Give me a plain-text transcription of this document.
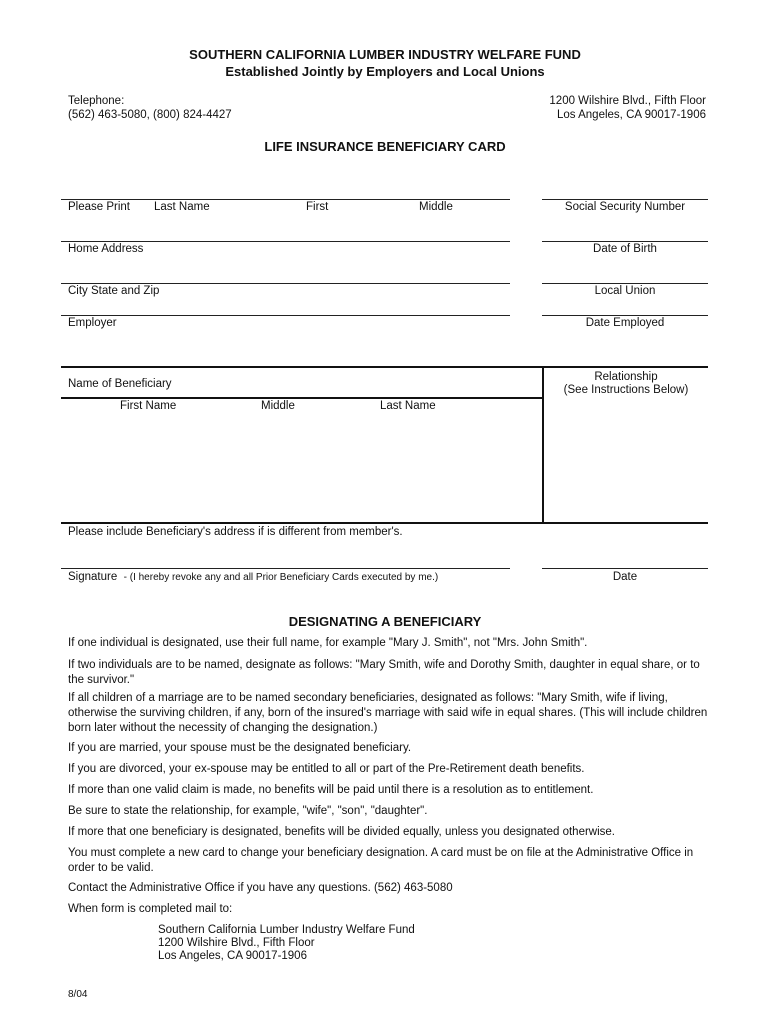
SOUTHERN CALIFORNIA LUMBER INDUSTRY WELFARE FUND
Established Jointly by Employers and Local Unions
Telephone:
(562) 463-5080, (800) 824-4427
1200 Wilshire Blvd., Fifth Floor
Los Angeles, CA 90017-1906
LIFE INSURANCE BENEFICIARY CARD
Please Print Last Name	First	Middle	Social Security Number
Home Address	Date of Birth
City State and Zip	Local Union
Employer	Date Employed
Name of Beneficiary
Relationship
(See Instructions Below)
First Name	Middle	Last Name
Please include Beneficiary's address if is different from member's.
Signature - (I hereby revoke any and all Prior Beneficiary Cards executed by me.)	Date
DESIGNATING A BENEFICIARY
If one individual is designated, use their full name, for example "Mary J. Smith", not "Mrs. John Smith".
If two individuals are to be named, designate as follows: "Mary Smith, wife and Dorothy Smith, daughter in equal share, or to the survivor."
If all children of a marriage are to be named secondary beneficiaries, designated as follows: "Mary Smith, wife if living, otherwise the surviving children, if any, born of the insured's marriage with said wife in equal shares. (This will include children born later without the necessity of changing the designation.)
If you are married, your spouse must be the designated beneficiary.
If you are divorced, your ex-spouse may be entitled to all or part of the Pre-Retirement death benefits.
If more than one valid claim is made, no benefits will be paid until there is a resolution as to entitlement.
Be sure to state the relationship, for example, "wife", "son", "daughter".
If more that one beneficiary is designated, benefits will be divided equally, unless you designated otherwise.
You must complete a new card to change your beneficiary designation. A card must be on file at the Administrative Office in order to be valid.
Contact the Administrative Office if you have any questions. (562) 463-5080
When form is completed mail to:
Southern California Lumber Industry Welfare Fund
1200 Wilshire Blvd., Fifth Floor
Los Angeles, CA 90017-1906
8/04
